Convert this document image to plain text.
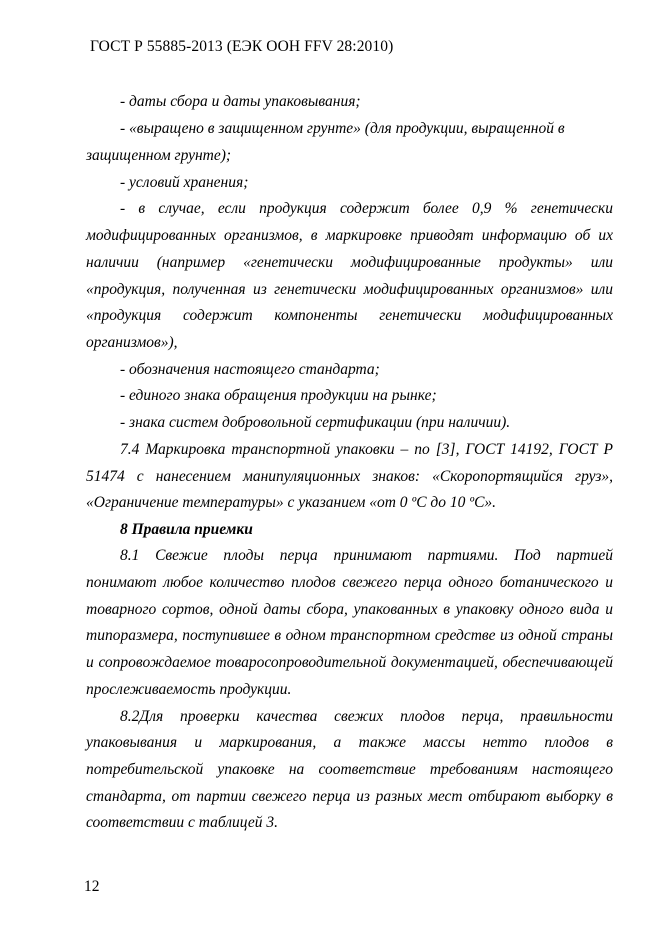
ГОСТ Р 55885-2013 (ЕЭК ООН FFV 28:2010)
- даты сбора и даты упаковывания;
- «выращено в защищенном грунте» (для продукции, выращенной в
защищенном грунте);
- условий хранения;
- в случае, если продукция содержит более 0,9 % генетически
модифицированных организмов, в маркировке приводят информацию об их
наличии (например «генетически модифицированные продукты» или
«продукция, полученная из генетически модифицированных организмов» или
«продукция содержит компоненты генетически модифицированных
организмов»),
- обозначения настоящего стандарта;
- единого знака обращения продукции на рынке;
- знака систем добровольной сертификации (при наличии).
7.4 Маркировка транспортной упаковки – по [3], ГОСТ 14192, ГОСТ Р
51474 с нанесением манипуляционных знаков: «Скоропортящийся груз»,
«Ограничение температуры» с указанием «от 0 ºС до 10 ºС».
8 Правила приемки
8.1 Свежие плоды перца принимают партиями. Под партией
понимают любое количество плодов свежего перца одного ботанического и
товарного сортов, одной даты сбора, упакованных в упаковку одного вида и
типоразмера, поступившее в одном транспортном средстве из одной страны
и сопровождаемое товаросопроводительной документацией, обеспечивающей
прослеживаемость продукции.
8.2Для проверки качества свежих плодов перца, правильности
упаковывания и маркирования, а также массы нетто плодов в
потребительской упаковке на соответствие требованиям настоящего
стандарта, от партии свежего перца из разных мест отбирают выборку в
соответствии с таблицей 3.
12
